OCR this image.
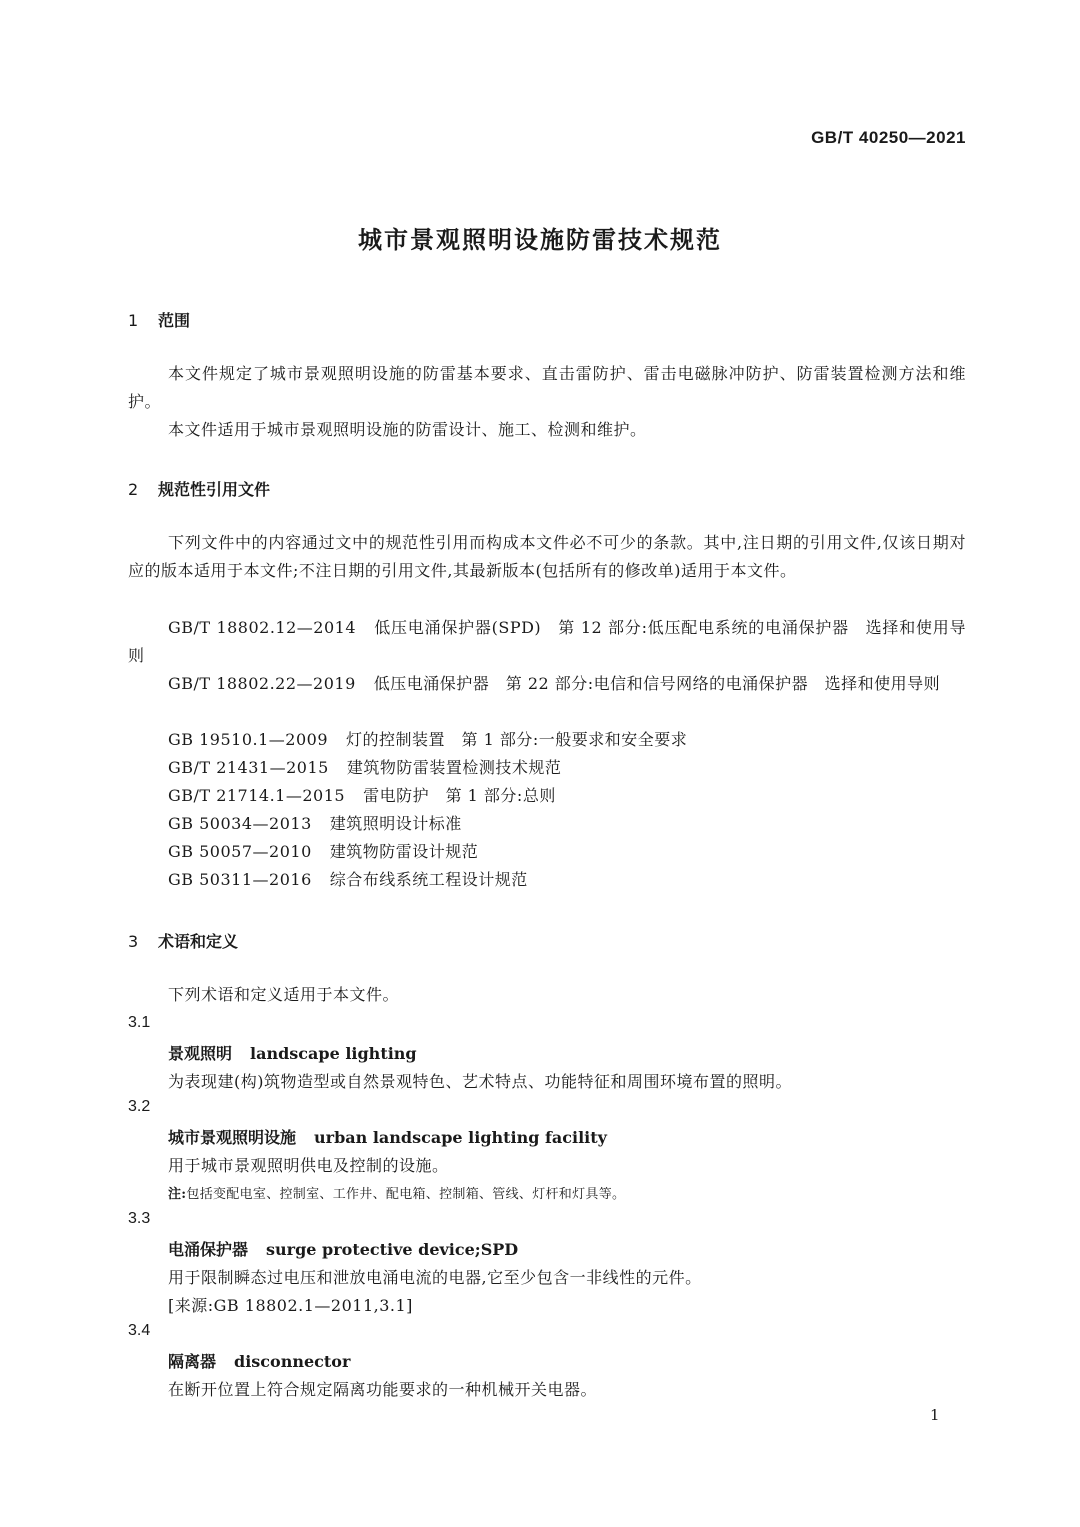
GB/T 40250—2021
城市景观照明设施防雷技术规范
1 范围
本文件规定了城市景观照明设施的防雷基本要求、直击雷防护、雷击电磁脉冲防护、防雷装置检测方法和维护。
本文件适用于城市景观照明设施的防雷设计、施工、检测和维护。
2 规范性引用文件
下列文件中的内容通过文中的规范性引用而构成本文件必不可少的条款。其中,注日期的引用文件,仅该日期对应的版本适用于本文件;不注日期的引用文件,其最新版本(包括所有的修改单)适用于本文件。
GB/T 18802.12—2014 低压电涌保护器(SPD)　第 12 部分:低压配电系统的电涌保护器　选择和使用导则
GB/T 18802.22—2019 低压电涌保护器　第 22 部分:电信和信号网络的电涌保护器　选择和使用导则
GB 19510.1—2009 灯的控制装置　第 1 部分:一般要求和安全要求
GB/T 21431—2015 建筑物防雷装置检测技术规范
GB/T 21714.1—2015 雷电防护　第 1 部分:总则
GB 50034—2013 建筑照明设计标准
GB 50057—2010 建筑物防雷设计规范
GB 50311—2016 综合布线系统工程设计规范
3 术语和定义
下列术语和定义适用于本文件。
3.1
景观照明 landscape lighting
为表现建(构)筑物造型或自然景观特色、艺术特点、功能特征和周围环境布置的照明。
3.2
城市景观照明设施 urban landscape lighting facility
用于城市景观照明供电及控制的设施。
注:包括变配电室、控制室、工作井、配电箱、控制箱、管线、灯杆和灯具等。
3.3
电涌保护器 surge protective device;SPD
用于限制瞬态过电压和泄放电涌电流的电器,它至少包含一非线性的元件。
[来源:GB 18802.1—2011,3.1]
3.4
隔离器 disconnector
在断开位置上符合规定隔离功能要求的一种机械开关电器。
1
